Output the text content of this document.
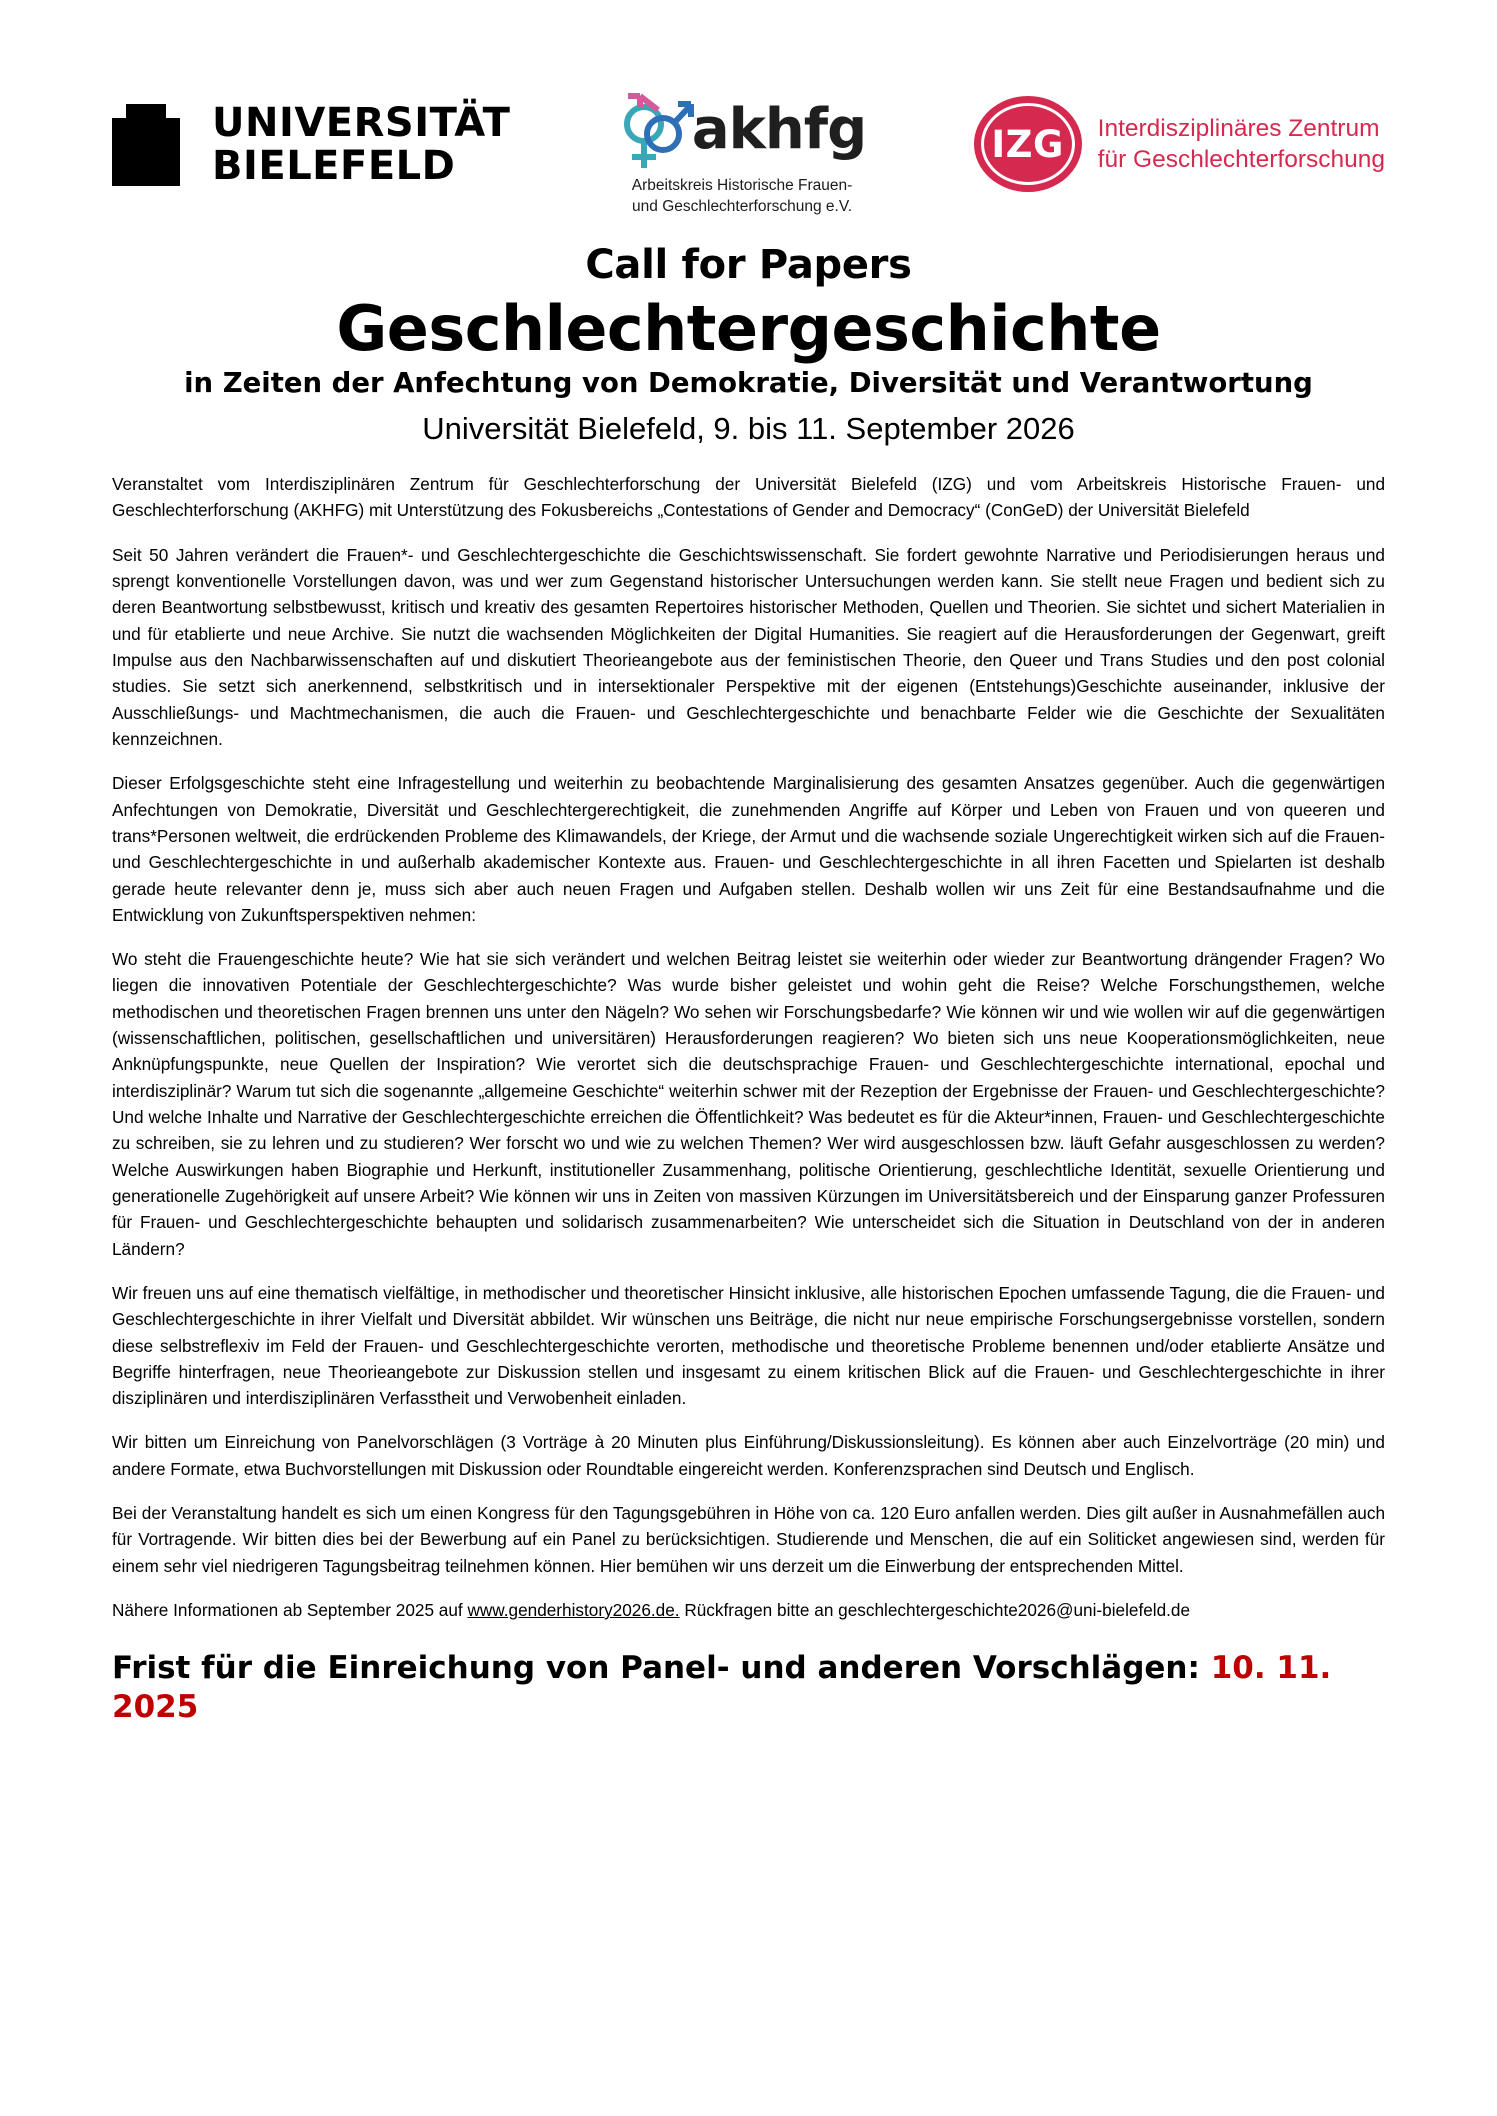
UNIVERSITÄT
BIELEFELD
akhfg
Arbeitskreis Historische Frauen-
und Geschlechterforschung e.V.
IZG Interdisziplinäres Zentrum
für Geschlechterforschung
Call for Papers
Geschlechtergeschichte
in Zeiten der Anfechtung von Demokratie, Diversität und Verantwortung
Universität Bielefeld, 9. bis 11. September 2026

Veranstaltet vom Interdisziplinären Zentrum für Geschlechterforschung der Universität Bielefeld (IZG) und vom Arbeitskreis Historische Frauen- und Geschlechterforschung (AKHFG) mit Unterstützung des Fokusbereichs „Contestations of Gender and Democracy“ (ConGeD) der Universität Bielefeld

Seit 50 Jahren verändert die Frauen*- und Geschlechtergeschichte die Geschichtswissenschaft. Sie fordert gewohnte Narrative und Periodisierungen heraus und sprengt konventionelle Vorstellungen davon, was und wer zum Gegenstand historischer Untersuchungen werden kann. Sie stellt neue Fragen und bedient sich zu deren Beantwortung selbstbewusst, kritisch und kreativ des gesamten Repertoires historischer Methoden, Quellen und Theorien. Sie sichtet und sichert Materialien in und für etablierte und neue Archive. Sie nutzt die wachsenden Möglichkeiten der Digital Humanities. Sie reagiert auf die Herausforderungen der Gegenwart, greift Impulse aus den Nachbarwissenschaften auf und diskutiert Theorieangebote aus der feministischen Theorie, den Queer und Trans Studies und den post colonial studies. Sie setzt sich anerkennend, selbstkritisch und in intersektionaler Perspektive mit der eigenen (Entstehungs)Geschichte auseinander, inklusive der Ausschließungs- und Machtmechanismen, die auch die Frauen- und Geschlechtergeschichte und benachbarte Felder wie die Geschichte der Sexualitäten kennzeichnen.

Dieser Erfolgsgeschichte steht eine Infragestellung und weiterhin zu beobachtende Marginalisierung des gesamten Ansatzes gegenüber. Auch die gegenwärtigen Anfechtungen von Demokratie, Diversität und Geschlechtergerechtigkeit, die zunehmenden Angriffe auf Körper und Leben von Frauen und von queeren und trans*Personen weltweit, die erdrückenden Probleme des Klimawandels, der Kriege, der Armut und die wachsende soziale Ungerechtigkeit wirken sich auf die Frauen- und Geschlechtergeschichte in und außerhalb akademischer Kontexte aus. Frauen- und Geschlechtergeschichte in all ihren Facetten und Spielarten ist deshalb gerade heute relevanter denn je, muss sich aber auch neuen Fragen und Aufgaben stellen. Deshalb wollen wir uns Zeit für eine Bestandsaufnahme und die Entwicklung von Zukunftsperspektiven nehmen:

Wo steht die Frauengeschichte heute? Wie hat sie sich verändert und welchen Beitrag leistet sie weiterhin oder wieder zur Beantwortung drängender Fragen? Wo liegen die innovativen Potentiale der Geschlechtergeschichte? Was wurde bisher geleistet und wohin geht die Reise? Welche Forschungsthemen, welche methodischen und theoretischen Fragen brennen uns unter den Nägeln? Wo sehen wir Forschungsbedarfe? Wie können wir und wie wollen wir auf die gegenwärtigen (wissenschaftlichen, politischen, gesellschaftlichen und universitären) Herausforderungen reagieren? Wo bieten sich uns neue Kooperationsmöglichkeiten, neue Anknüpfungspunkte, neue Quellen der Inspiration? Wie verortet sich die deutschsprachige Frauen- und Geschlechtergeschichte international, epochal und interdisziplinär? Warum tut sich die sogenannte „allgemeine Geschichte“ weiterhin schwer mit der Rezeption der Ergebnisse der Frauen- und Geschlechtergeschichte? Und welche Inhalte und Narrative der Geschlechtergeschichte erreichen die Öffentlichkeit? Was bedeutet es für die Akteur*innen, Frauen- und Geschlechtergeschichte zu schreiben, sie zu lehren und zu studieren? Wer forscht wo und wie zu welchen Themen? Wer wird ausgeschlossen bzw. läuft Gefahr ausgeschlossen zu werden? Welche Auswirkungen haben Biographie und Herkunft, institutioneller Zusammenhang, politische Orientierung, geschlechtliche Identität, sexuelle Orientierung und generationelle Zugehörigkeit auf unsere Arbeit? Wie können wir uns in Zeiten von massiven Kürzungen im Universitätsbereich und der Einsparung ganzer Professuren für Frauen- und Geschlechtergeschichte behaupten und solidarisch zusammenarbeiten? Wie unterscheidet sich die Situation in Deutschland von der in anderen Ländern?

Wir freuen uns auf eine thematisch vielfältige, in methodischer und theoretischer Hinsicht inklusive, alle historischen Epochen umfassende Tagung, die die Frauen- und Geschlechtergeschichte in ihrer Vielfalt und Diversität abbildet. Wir wünschen uns Beiträge, die nicht nur neue empirische Forschungsergebnisse vorstellen, sondern diese selbstreflexiv im Feld der Frauen- und Geschlechtergeschichte verorten, methodische und theoretische Probleme benennen und/oder etablierte Ansätze und Begriffe hinterfragen, neue Theorieangebote zur Diskussion stellen und insgesamt zu einem kritischen Blick auf die Frauen- und Geschlechtergeschichte in ihrer disziplinären und interdisziplinären Verfasstheit und Verwobenheit einladen.

Wir bitten um Einreichung von Panelvorschlägen (3 Vorträge à 20 Minuten plus Einführung/Diskussionsleitung). Es können aber auch Einzelvorträge (20 min) und andere Formate, etwa Buchvorstellungen mit Diskussion oder Roundtable eingereicht werden. Konferenzsprachen sind Deutsch und Englisch.

Bei der Veranstaltung handelt es sich um einen Kongress für den Tagungsgebühren in Höhe von ca. 120 Euro anfallen werden. Dies gilt außer in Ausnahmefällen auch für Vortragende. Wir bitten dies bei der Bewerbung auf ein Panel zu berücksichtigen. Studierende und Menschen, die auf ein Soliticket angewiesen sind, werden für einem sehr viel niedrigeren Tagungsbeitrag teilnehmen können. Hier bemühen wir uns derzeit um die Einwerbung der entsprechenden Mittel.

Nähere Informationen ab September 2025 auf www.genderhistory2026.de. Rückfragen bitte an geschlechtergeschichte2026@uni-bielefeld.de

Frist für die Einreichung von Panel- und anderen Vorschlägen: 10. 11. 2025
